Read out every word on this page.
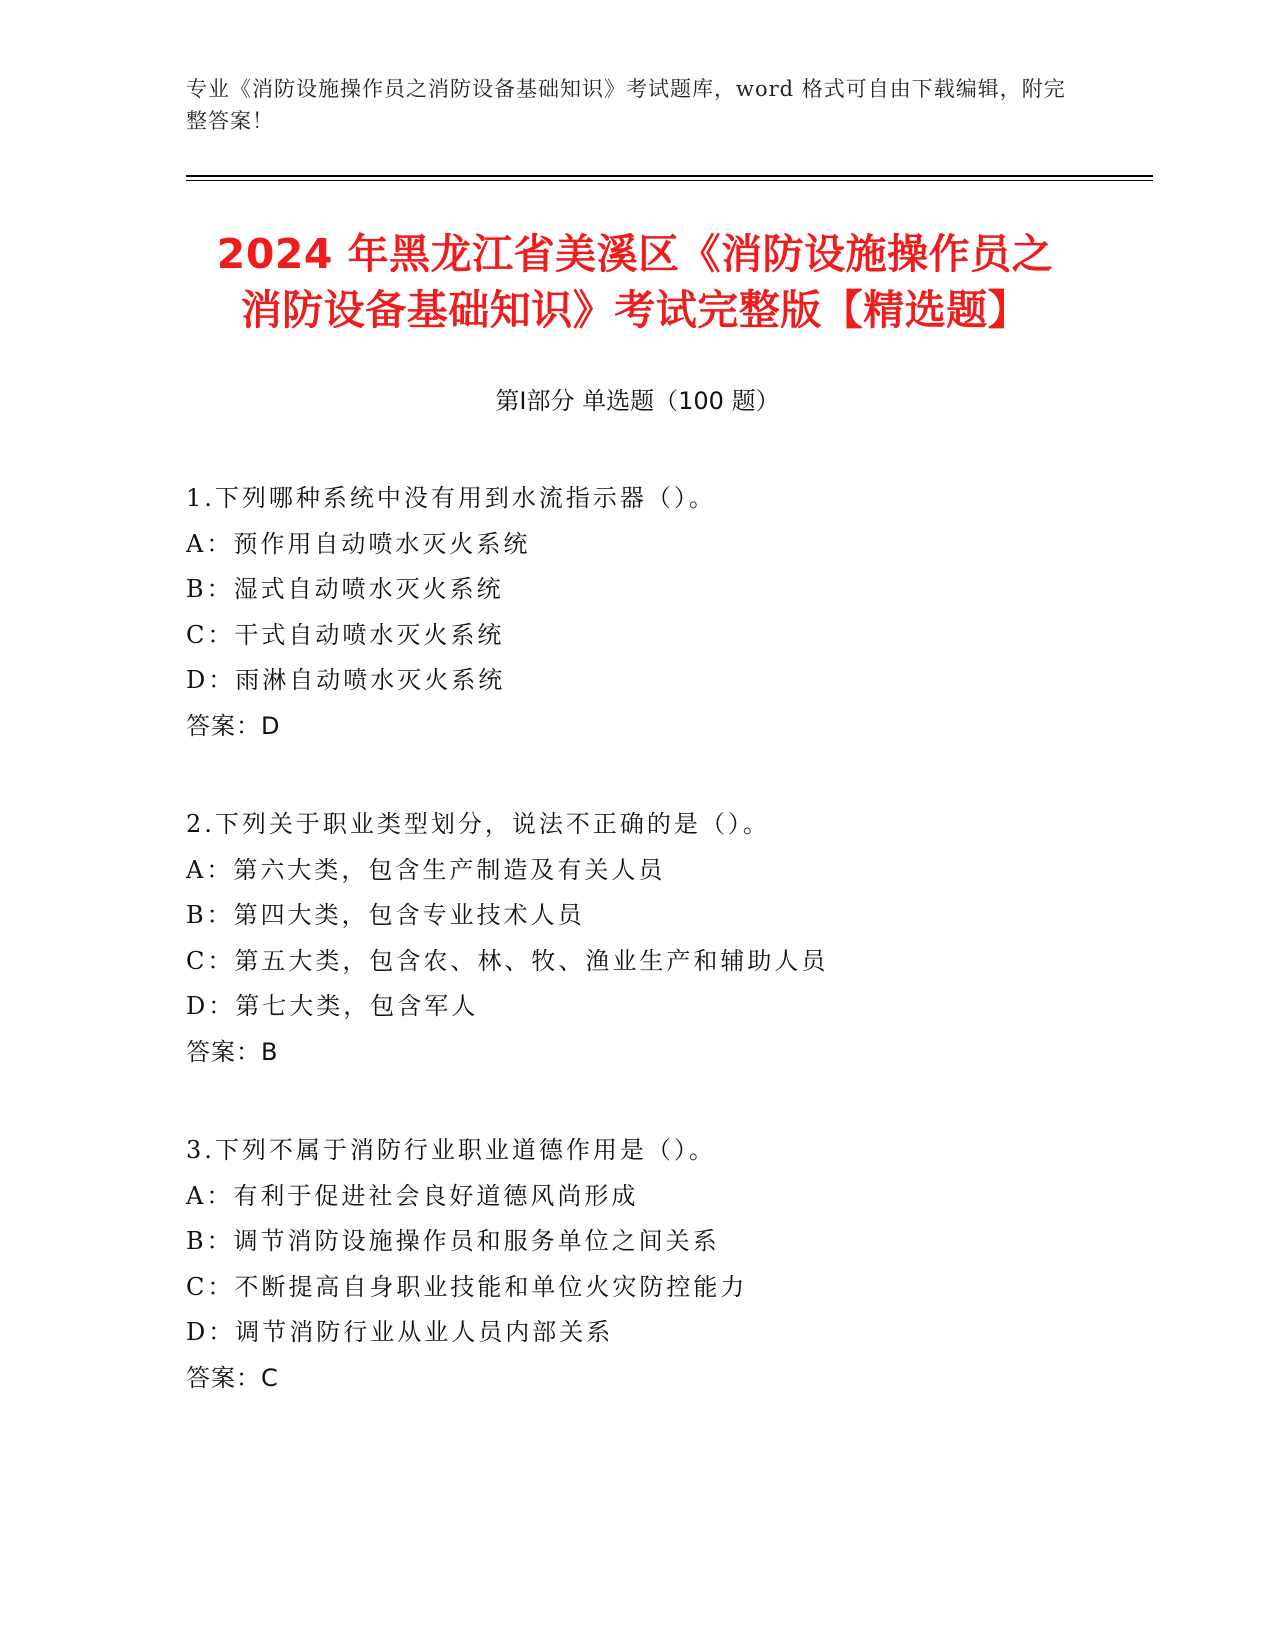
专业《消防设施操作员之消防设备基础知识》考试题库，word 格式可自由下载编辑，附完整答案！
2024 年黑龙江省美溪区《消防设施操作员之
消防设备基础知识》考试完整版【精选题】
第Ⅰ部分 单选题（100 题）
1.下列哪种系统中没有用到水流指示器（）。
A：预作用自动喷水灭火系统
B：湿式自动喷水灭火系统
C：干式自动喷水灭火系统
D：雨淋自动喷水灭火系统
答案：D
2.下列关于职业类型划分，说法不正确的是（）。
A：第六大类，包含生产制造及有关人员
B：第四大类，包含专业技术人员
C：第五大类，包含农、林、牧、渔业生产和辅助人员
D：第七大类，包含军人
答案：B
3.下列不属于消防行业职业道德作用是（）。
A：有利于促进社会良好道德风尚形成
B：调节消防设施操作员和服务单位之间关系
C：不断提高自身职业技能和单位火灾防控能力
D：调节消防行业从业人员内部关系
答案：C
